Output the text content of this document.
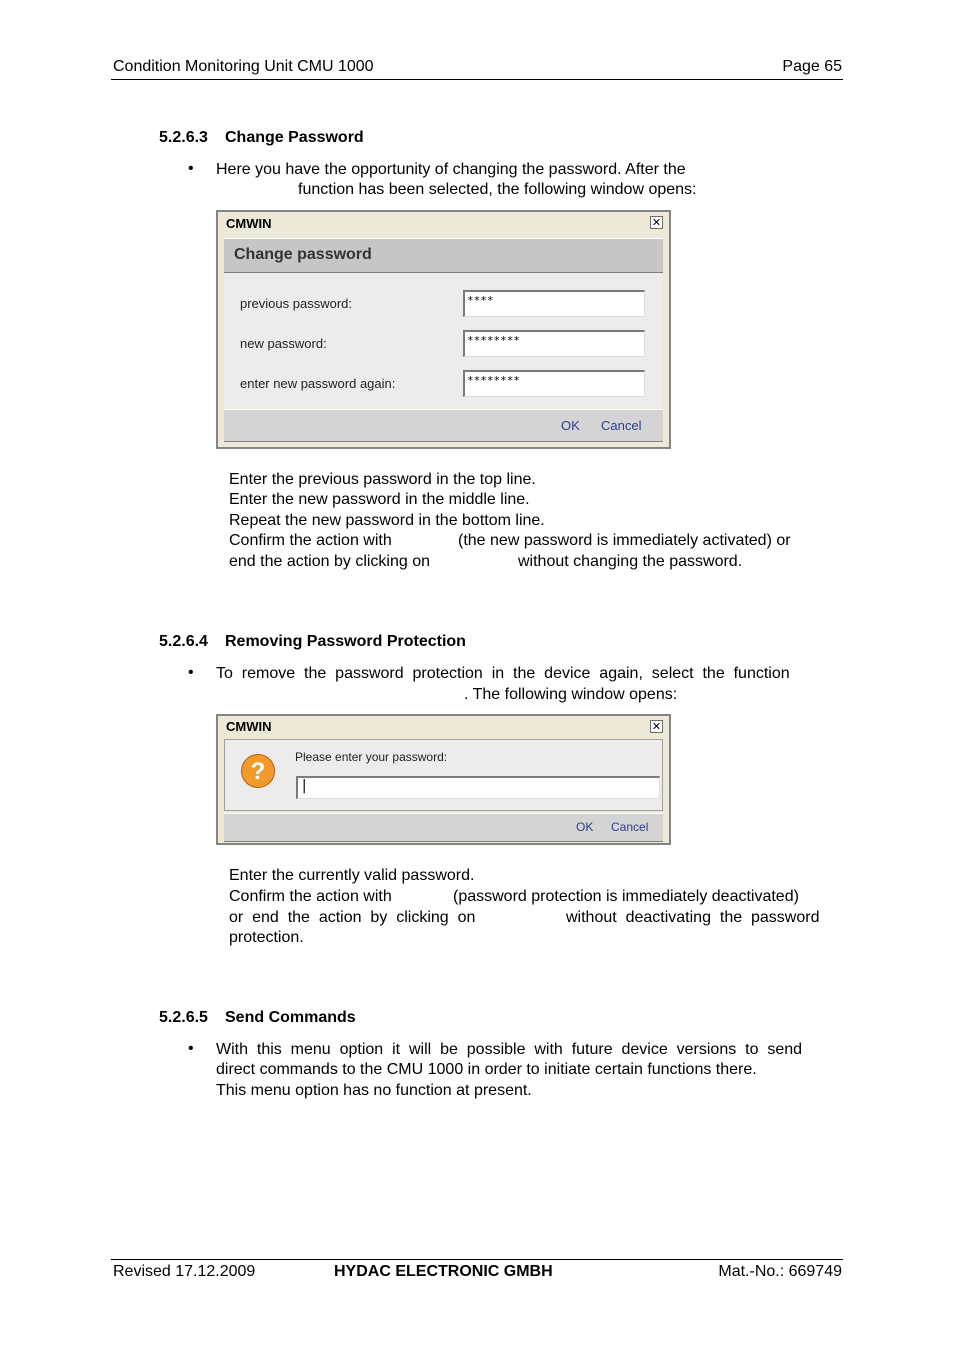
Condition Monitoring Unit CMU 1000	Page 65
5.2.6.3 Change Password
•
Here you have the opportunity of changing the password. After the
function has been selected, the following window opens:
CMWIN	✕
Change password
previous password:	****
new password:	********
enter new password again:	********
OK Cancel
Enter the previous password in the top line.
Enter the new password in the middle line.
Repeat the new password in the bottom line.
Confirm the action with	(the new password is immediately activated) or
end the action by clicking on	without changing the password.
5.2.6.4 Removing Password Protection
•
To  remove  the  password  protection  in  the  device  again,  select  the  function
. The following window opens:
CMWIN	✕
?
Please enter your password:
|
OK Cancel
Enter the currently valid password.
Confirm the action with	(password protection is immediately deactivated)
or  end  the  action  by  clicking  on	without  deactivating  the  password
protection.
5.2.6.5 Send Commands
•
With  this  menu  option  it  will  be  possible  with  future  device  versions  to  send
direct commands to the CMU 1000 in order to initiate certain functions there.
This menu option has no function at present.
Revised 17.12.2009	HYDAC ELECTRONIC GMBH	Mat.-No.: 669749
